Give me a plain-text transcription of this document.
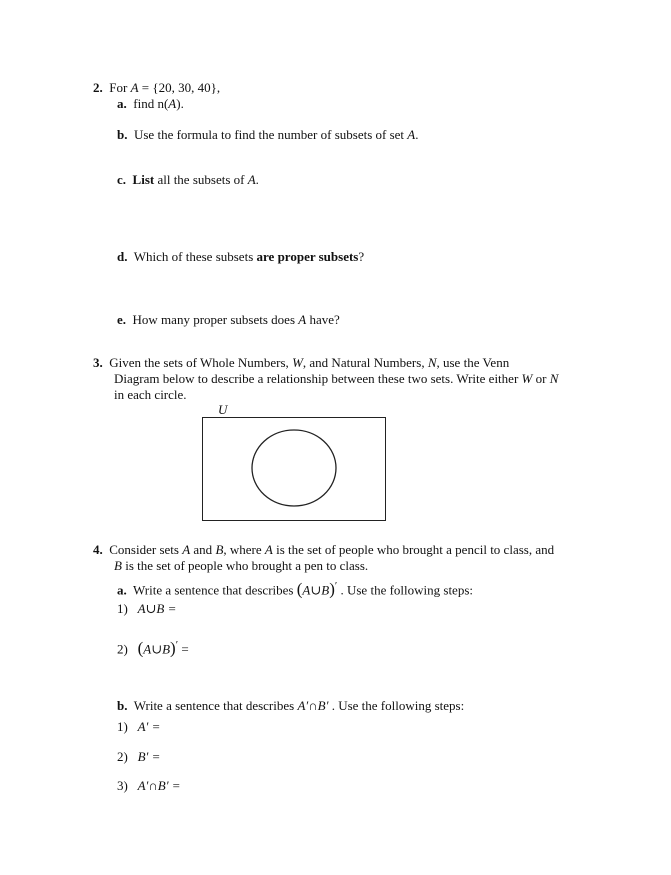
2. For A = {20, 30, 40},
a. find n(A).
b. Use the formula to find the number of subsets of set A.
c. List all the subsets of A.
d. Which of these subsets are proper subsets?
e. How many proper subsets does A have?
3. Given the sets of Whole Numbers, W, and Natural Numbers, N, use the Venn
Diagram below to describe a relationship between these two sets. Write either W or N
in each circle.
U
4. Consider sets A and B, where A is the set of people who brought a pencil to class, and
B is the set of people who brought a pen to class.
a. Write a sentence that describes (A∪B)′ . Use the following steps:
1) A∪B =
2) (A∪B)′ =
b. Write a sentence that describes A′∩B′ . Use the following steps:
1) A′ =
2) B′ =
3) A′∩B′ =
